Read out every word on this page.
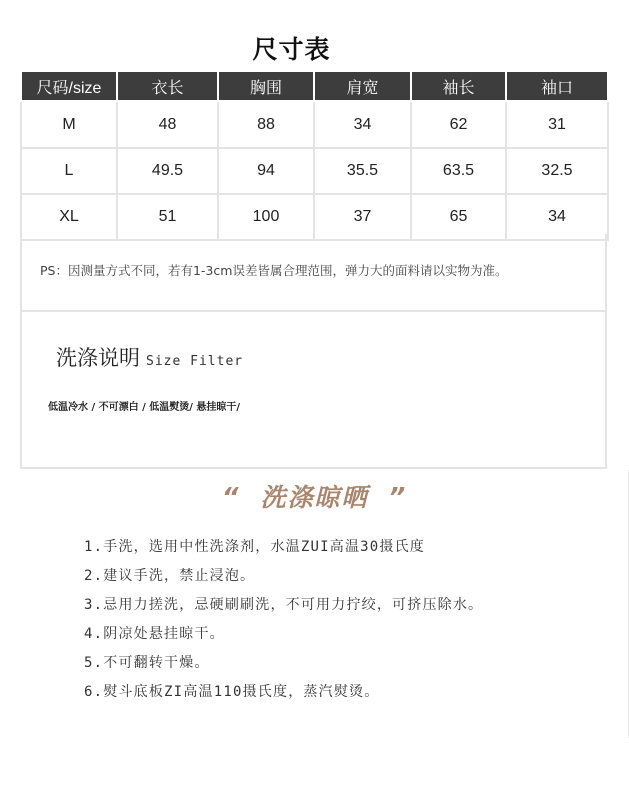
尺寸表
尺码/size	衣长	胸围	肩宽	袖长	袖口
M	48	88	34	62	31
L	49.5	94	35.5	63.5	32.5
XL	51	100	37	65	34
PS：因测量方式不同，若有1-3cm误差皆属合理范围，弹力大的面料请以实物为准。
洗涤说明 Size Filter
低温冷水 / 不可漂白 / 低温熨烫/ 悬挂晾干/
“ 洗涤晾晒 ”
1.手洗，选用中性洗涤剂，水温ZUI高温30摄氏度
2.建议手洗，禁止浸泡。
3.忌用力搓洗，忌硬刷刷洗，不可用力拧绞，可挤压除水。
4.阴凉处悬挂晾干。
5.不可翻转干燥。
6.熨斗底板ZI高温110摄氏度，蒸汽熨烫。
